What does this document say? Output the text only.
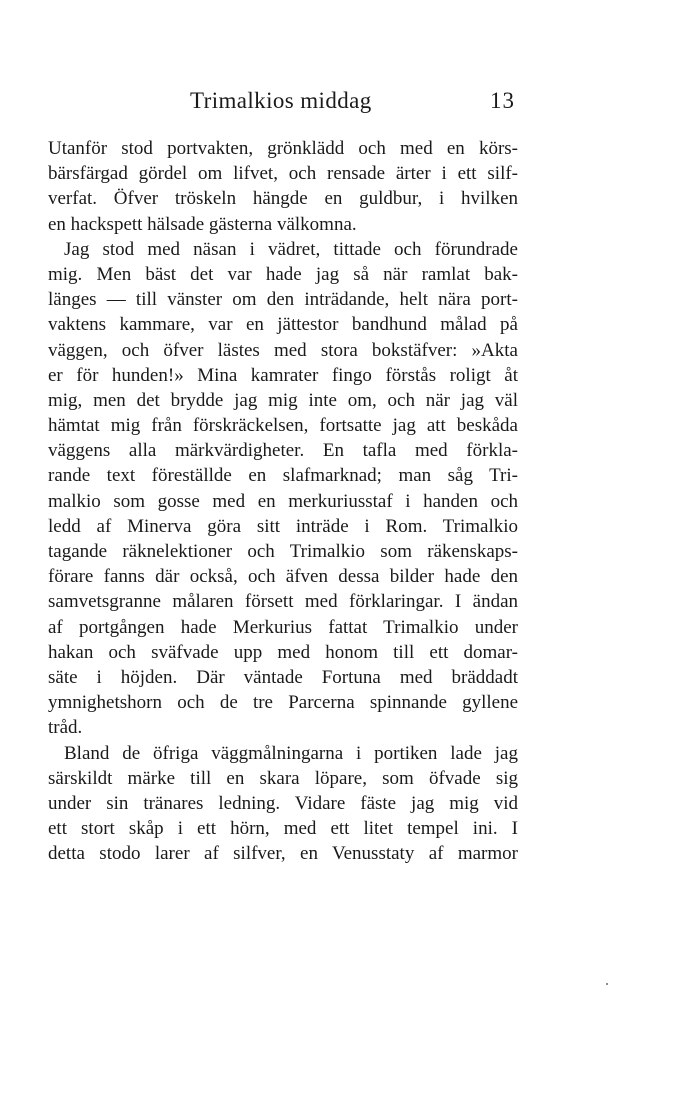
Trimalkios middag	13
Utanför stod portvakten, grönklädd och med en körs-
bärsfärgad gördel om lifvet, och rensade ärter i ett silf-
verfat. Öfver tröskeln hängde en guldbur, i hvilken
en hackspett hälsade gästerna välkomna.
Jag stod med näsan i vädret, tittade och förundrade
mig. Men bäst det var hade jag så när ramlat bak-
länges — till vänster om den inträdande, helt nära port-
vaktens kammare, var en jättestor bandhund målad på
väggen, och öfver lästes med stora bokstäfver: »Akta
er för hunden!» Mina kamrater fingo förstås roligt åt
mig, men det brydde jag mig inte om, och när jag väl
hämtat mig från förskräckelsen, fortsatte jag att beskåda
väggens alla märkvärdigheter. En tafla med förkla-
rande text föreställde en slafmarknad; man såg Tri-
malkio som gosse med en merkuriusstaf i handen och
ledd af Minerva göra sitt inträde i Rom. Trimalkio
tagande räknelektioner och Trimalkio som räkenskaps-
förare fanns där också, och äfven dessa bilder hade den
samvetsgranne målaren försett med förklaringar. I ändan
af portgången hade Merkurius fattat Trimalkio under
hakan och sväfvade upp med honom till ett domar-
säte i höjden. Där väntade Fortuna med bräddadt
ymnighetshorn och de tre Parcerna spinnande gyllene
tråd.
Bland de öfriga väggmålningarna i portiken lade jag
särskildt märke till en skara löpare, som öfvade sig
under sin tränares ledning. Vidare fäste jag mig vid
ett stort skåp i ett hörn, med ett litet tempel ini. I
detta stodo larer af silfver, en Venusstaty af marmor
